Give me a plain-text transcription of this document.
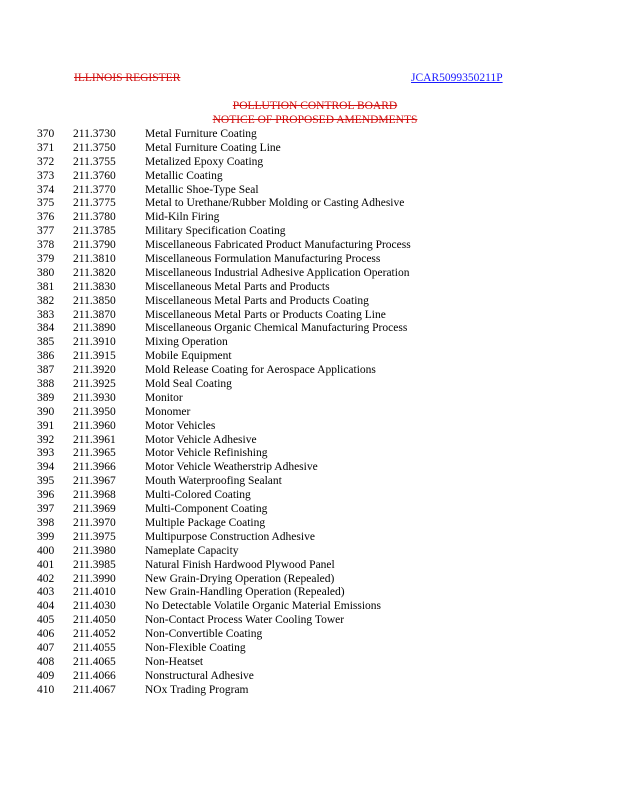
ILLINOIS REGISTER	JCAR5099350211P
POLLUTION CONTROL BOARD
NOTICE OF PROPOSED AMENDMENTS
370 211.3730	Metal Furniture Coating
371 211.3750	Metal Furniture Coating Line
372 211.3755	Metalized Epoxy Coating
373 211.3760	Metallic Coating
374 211.3770	Metallic Shoe-Type Seal
375 211.3775	Metal to Urethane/Rubber Molding or Casting Adhesive
376 211.3780	Mid-Kiln Firing
377 211.3785	Military Specification Coating
378 211.3790	Miscellaneous Fabricated Product Manufacturing Process
379 211.3810	Miscellaneous Formulation Manufacturing Process
380 211.3820	Miscellaneous Industrial Adhesive Application Operation
381 211.3830	Miscellaneous Metal Parts and Products
382 211.3850	Miscellaneous Metal Parts and Products Coating
383 211.3870	Miscellaneous Metal Parts or Products Coating Line
384 211.3890	Miscellaneous Organic Chemical Manufacturing Process
385 211.3910	Mixing Operation
386 211.3915	Mobile Equipment
387 211.3920	Mold Release Coating for Aerospace Applications
388 211.3925	Mold Seal Coating
389 211.3930	Monitor
390 211.3950	Monomer
391 211.3960	Motor Vehicles
392 211.3961	Motor Vehicle Adhesive
393 211.3965	Motor Vehicle Refinishing
394 211.3966	Motor Vehicle Weatherstrip Adhesive
395 211.3967	Mouth Waterproofing Sealant
396 211.3968	Multi-Colored Coating
397 211.3969	Multi-Component Coating
398 211.3970	Multiple Package Coating
399 211.3975	Multipurpose Construction Adhesive
400 211.3980	Nameplate Capacity
401 211.3985	Natural Finish Hardwood Plywood Panel
402 211.3990	New Grain-Drying Operation (Repealed)
403 211.4010	New Grain-Handling Operation (Repealed)
404 211.4030	No Detectable Volatile Organic Material Emissions
405 211.4050	Non-Contact Process Water Cooling Tower
406 211.4052	Non-Convertible Coating
407 211.4055	Non-Flexible Coating
408 211.4065	Non-Heatset
409 211.4066	Nonstructural Adhesive
410 211.4067	NOx Trading Program
